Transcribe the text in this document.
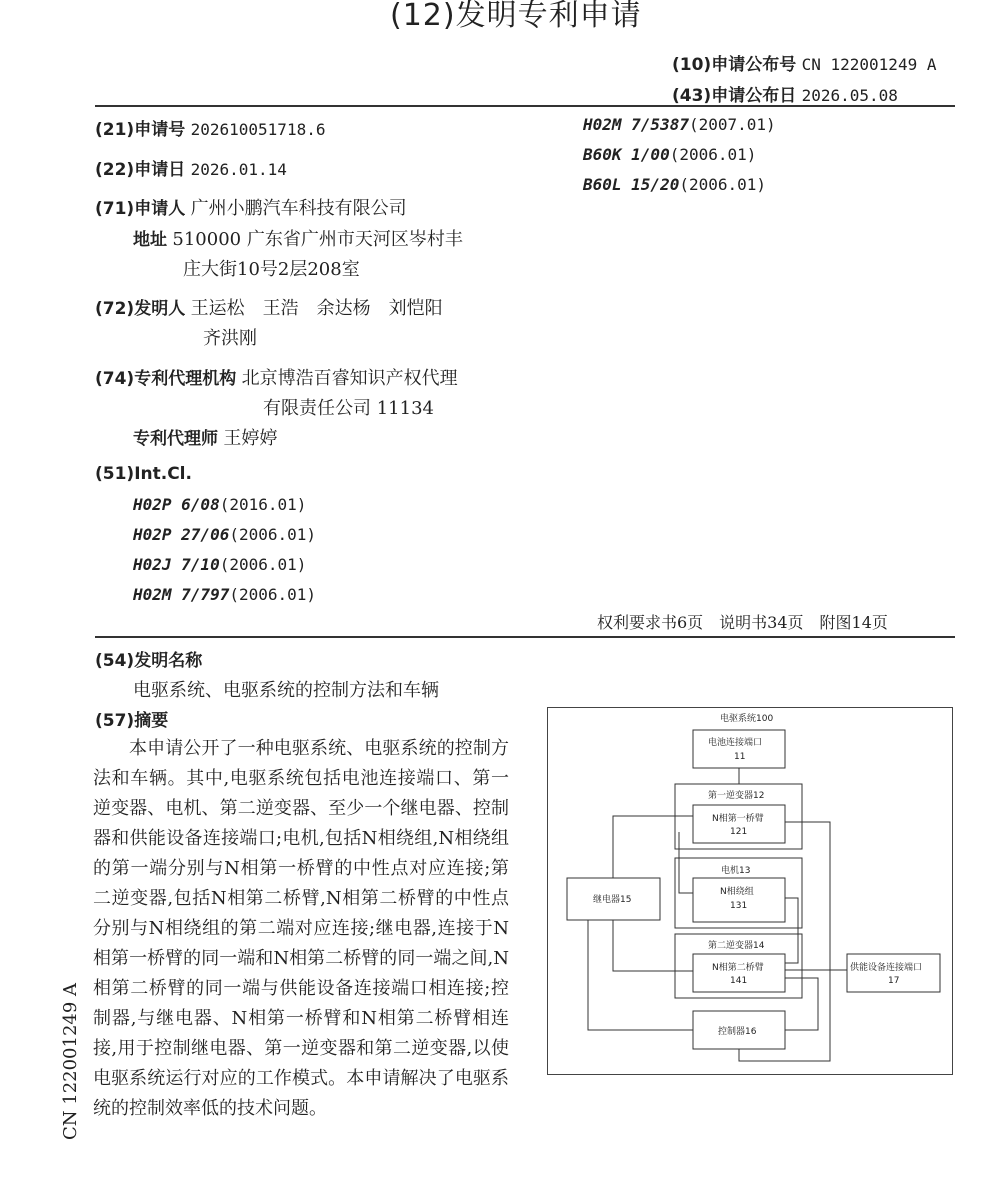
(12)发明专利申请
(10)申请公布号 CN 122001249 A
(43)申请公布日 2026.05.08
(21)申请号 202610051718.6
(22)申请日 2026.01.14
(71)申请人 广州小鹏汽车科技有限公司
地址 510000 广东省广州市天河区岑村丰
庄大街10号2层208室
(72)发明人 王运松　王浩　余达杨　刘恺阳
齐洪刚
(74)专利代理机构 北京博浩百睿知识产权代理
有限责任公司 11134
专利代理师 王婷婷
(51)Int.Cl.
H02P 6/08(2016.01)
H02P 27/06(2006.01)
H02J 7/10(2006.01)
H02M 7/797(2006.01)
H02M 7/5387(2007.01)
B60K 1/00(2006.01)
B60L 15/20(2006.01)
权利要求书6页　说明书34页　附图14页
(54)发明名称
电驱系统、电驱系统的控制方法和车辆
(57)摘要
本申请公开了一种电驱系统、电驱系统的控制方法和车辆。其中,电驱系统包括电池连接端口、第一逆变器、电机、第二逆变器、至少一个继电器、控制器和供能设备连接端口;电机,包括N相绕组,N相绕组的第一端分别与N相第一桥臂的中性点对应连接;第二逆变器,包括N相第二桥臂,N相第二桥臂的中性点分别与N相绕组的第二端对应连接;继电器,连接于N相第一桥臂的同一端和N相第二桥臂的同一端之间,N相第二桥臂的同一端与供能设备连接端口相连接;控制器,与继电器、N相第一桥臂和N相第二桥臂相连接,用于控制继电器、第一逆变器和第二逆变器,以使电驱系统运行对应的工作模式。本申请解决了电驱系统的控制效率低的技术问题。
电驱系统100
电池连接端口
11
第一逆变器12
N相第一桥臂
121
电机13
N相绕组
131
第二逆变器14
N相第二桥臂
141
继电器15
控制器16
供能设备连接端口
17
CN 122001249 A
